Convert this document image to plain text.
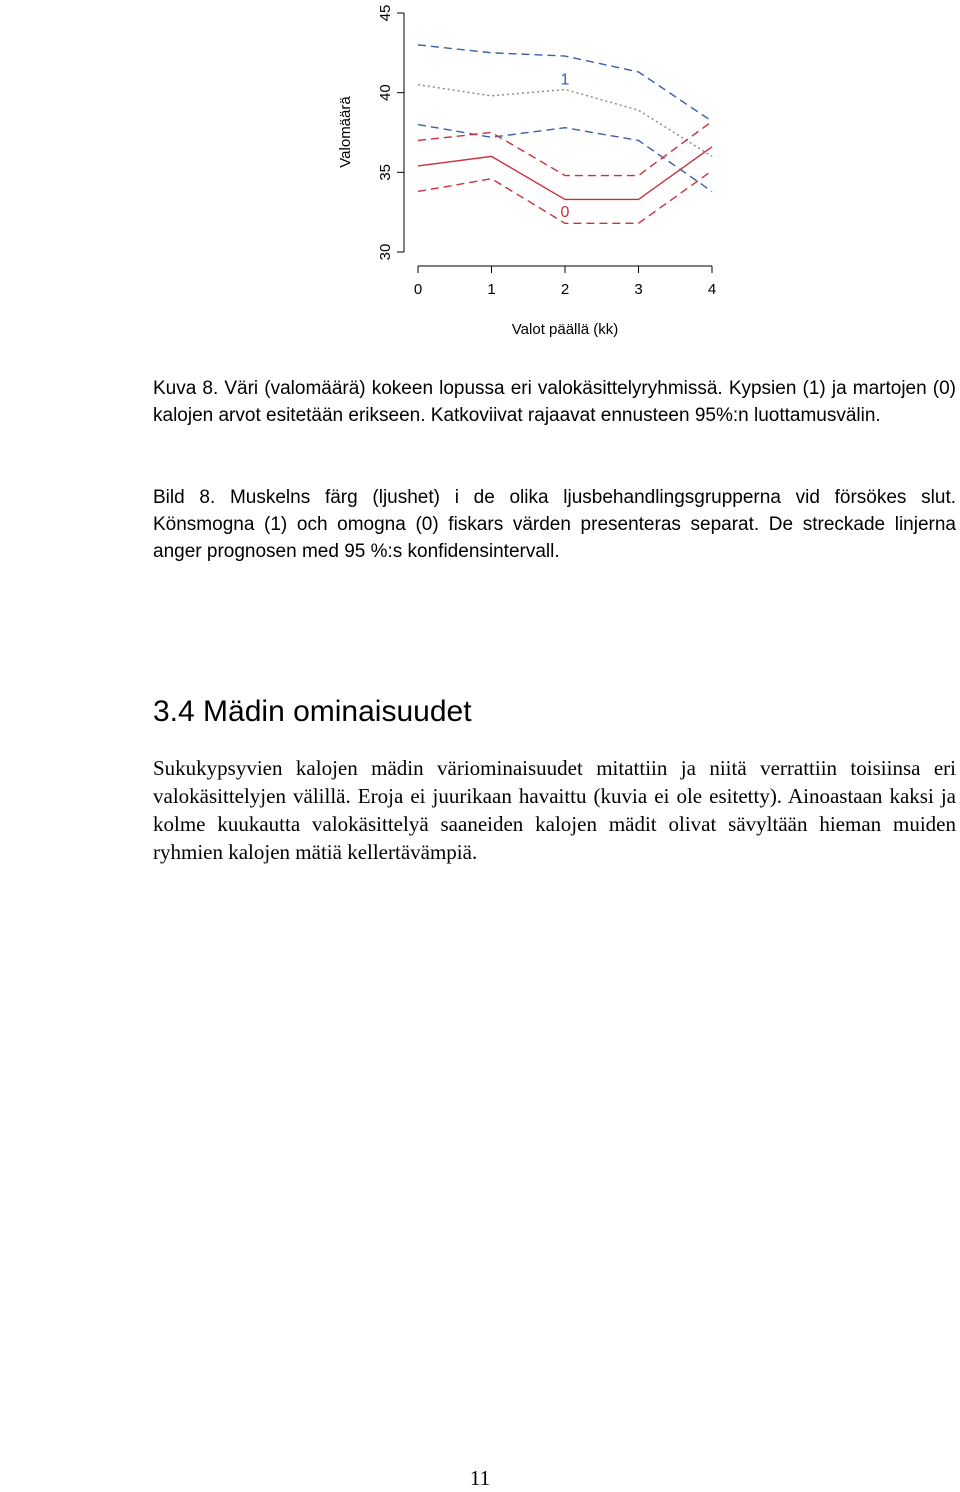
0	1	2	3	4
30
35
40
45
1
0
Valot päällä (kk)
Valomäärä

Kuva 8. Väri (valomäärä) kokeen lopussa eri valokäsittelyryhmissä. Kypsien (1) ja martojen (0) kalojen arvot esitetään erikseen. Katkoviivat rajaavat ennusteen 95%:n luottamusvälin.

Bild 8. Muskelns färg (ljushet) i de olika ljusbehandlingsgrupperna vid försökes slut. Könsmogna (1) och omogna (0) fiskars värden presenteras separat. De streckade linjerna anger prognosen med 95 %:s konfidensintervall.

3.4 Mädin ominaisuudet

Sukukypsyvien kalojen mädin väriominaisuudet mitattiin ja niitä verrattiin toisiinsa eri valokäsittelyjen välillä. Eroja ei juurikaan havaittu (kuvia ei ole esitetty). Ainoastaan kaksi ja kolme kuukautta valokäsittelyä saaneiden kalojen mädit olivat sävyltään hieman muiden ryhmien kalojen mätiä kellertävämpiä.

11
